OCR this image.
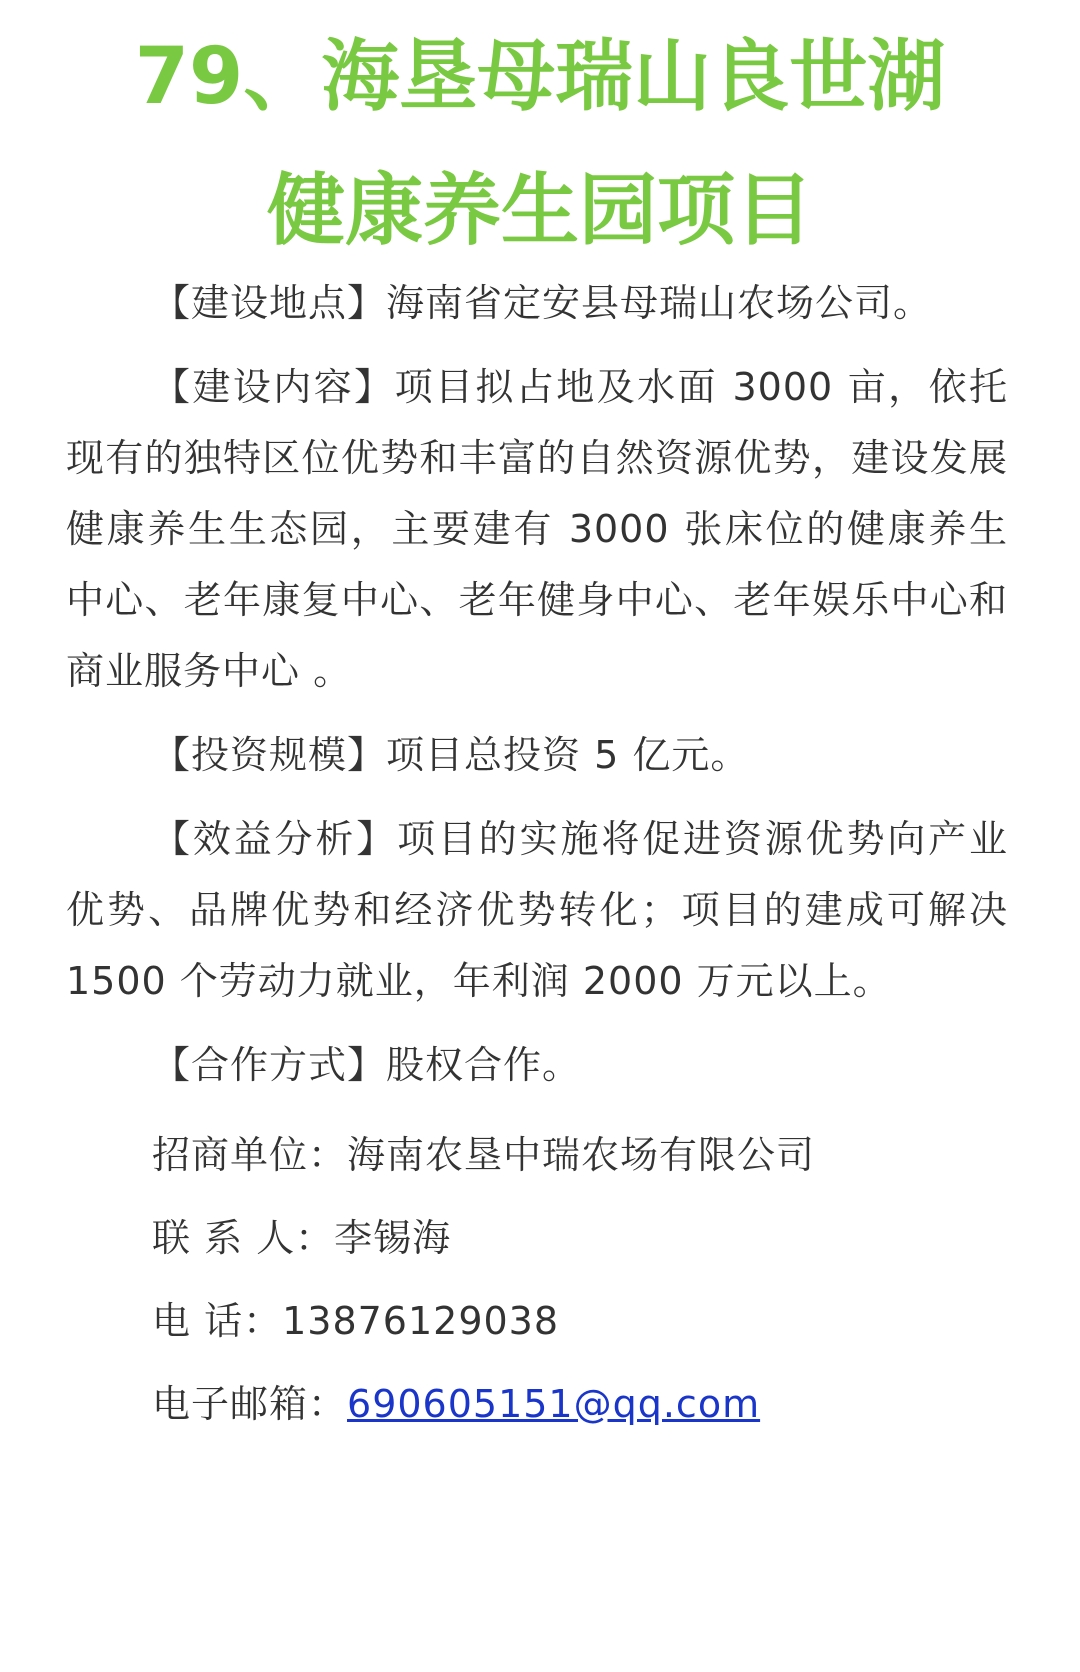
79、海垦母瑞山良世湖
健康养生园项目

【建设地点】海南省定安县母瑞山农场公司。

【建设内容】项目拟占地及水面 3000 亩，依托现有的独特区位优势和丰富的自然资源优势，建设发展健康养生生态园，主要建有 3000 张床位的健康养生中心、老年康复中心、老年健身中心、老年娱乐中心和商业服务中心 。

【投资规模】项目总投资 5 亿元。

【效益分析】项目的实施将促进资源优势向产业优势、品牌优势和经济优势转化；项目的建成可解决 1500 个劳动力就业，年利润 2000 万元以上。

【合作方式】股权合作。

招商单位：海南农垦中瑞农场有限公司

联 系 人：李锡海

电 话：13876129038

电子邮箱：690605151@qq.com
